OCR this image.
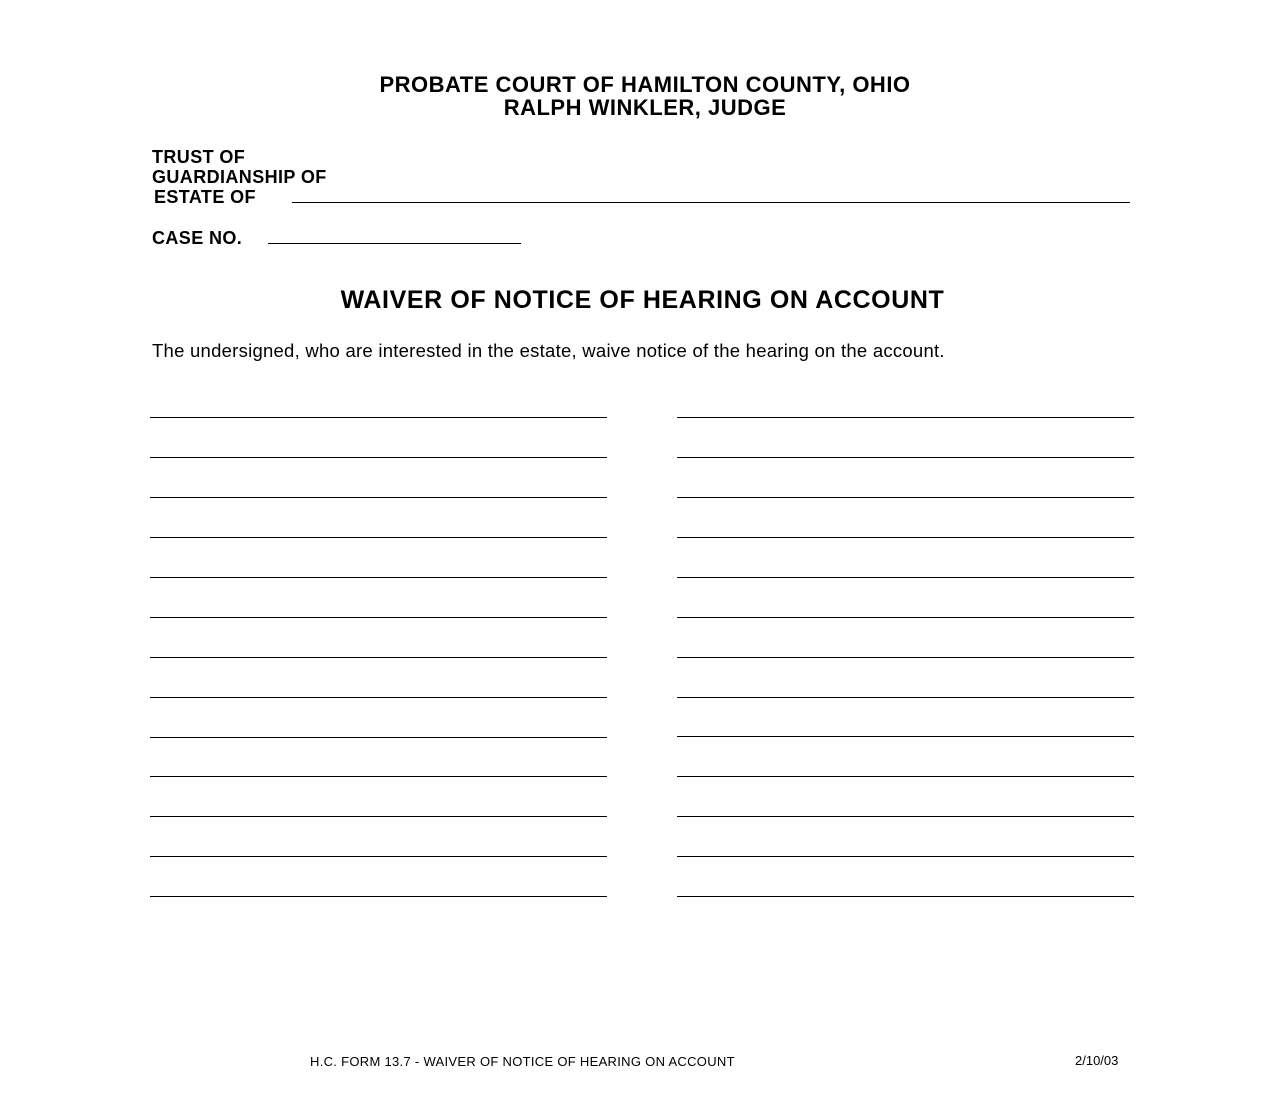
PROBATE COURT OF HAMILTON COUNTY, OHIO
RALPH WINKLER, JUDGE
TRUST OF
GUARDIANSHIP OF
ESTATE OF
CASE NO.
WAIVER OF NOTICE OF HEARING ON ACCOUNT
The undersigned, who are interested in the estate, waive notice of the hearing on the account.
H.C. FORM 13.7 - WAIVER OF NOTICE OF HEARING ON ACCOUNT	2/10/03
